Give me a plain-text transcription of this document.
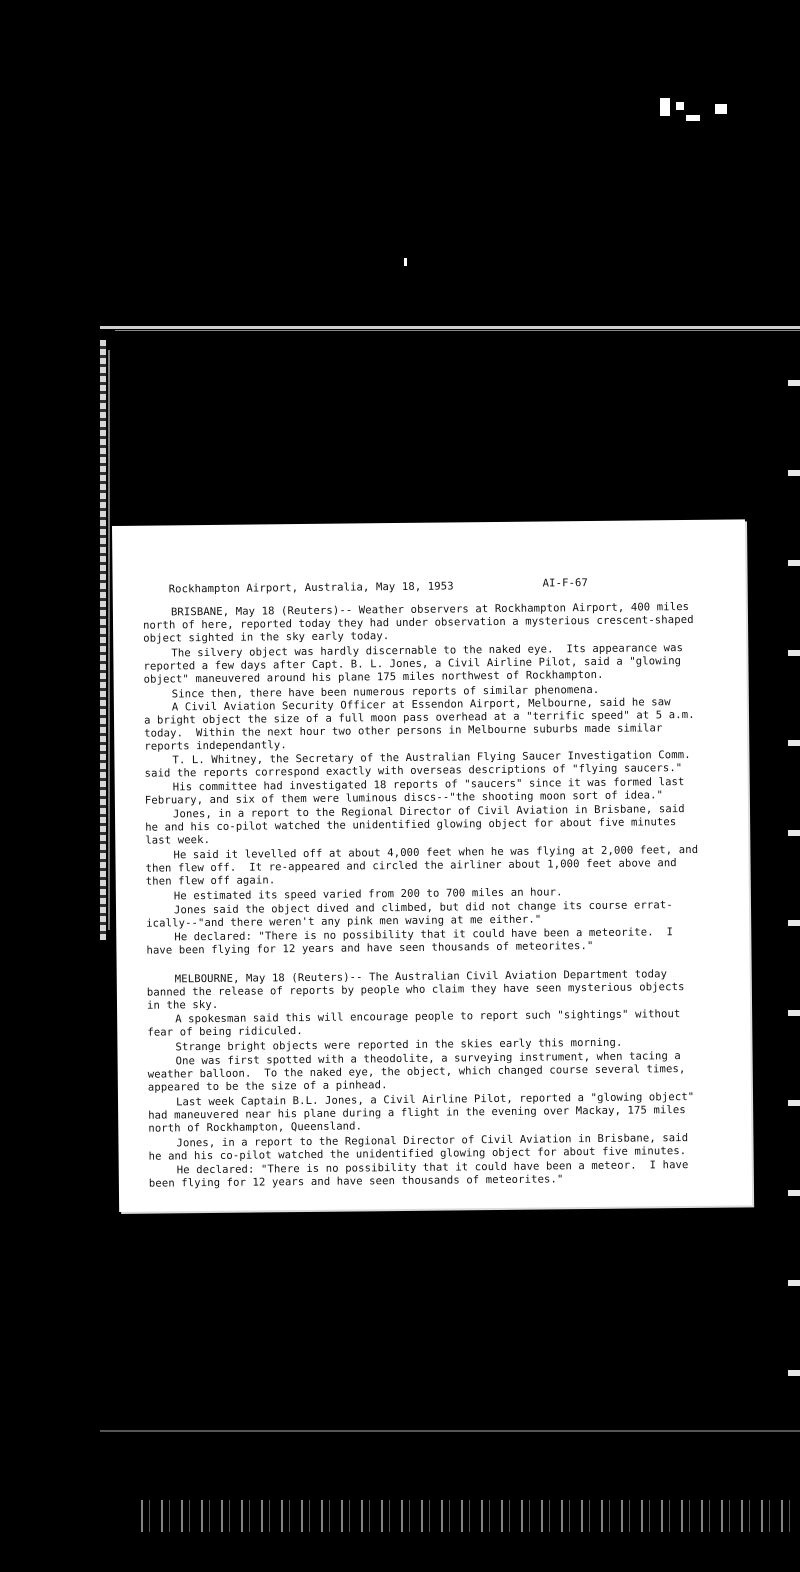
Rockhampton Airport, Australia, May 18, 1953	AI-F-67
BRISBANE, May 18 (Reuters)-- Weather observers at Rockhampton Airport, 400 miles
north of here, reported today they had under observation a mysterious crescent-shaped
object sighted in the sky early today.
The silvery object was hardly discernable to the naked eye.  Its appearance was
reported a few days after Capt. B. L. Jones, a Civil Airline Pilot, said a "glowing
object" maneuvered around his plane 175 miles northwest of Rockhampton.
Since then, there have been numerous reports of similar phenomena.
A Civil Aviation Security Officer at Essendon Airport, Melbourne, said he saw
a bright object the size of a full moon pass overhead at a "terrific speed" at 5 a.m.
today.  Within the next hour two other persons in Melbourne suburbs made similar
reports independantly.
T. L. Whitney, the Secretary of the Australian Flying Saucer Investigation Comm.
said the reports correspond exactly with overseas descriptions of "flying saucers."
His committee had investigated 18 reports of "saucers" since it was formed last
February, and six of them were luminous discs--"the shooting moon sort of idea."
Jones, in a report to the Regional Director of Civil Aviation in Brisbane, said
he and his co-pilot watched the unidentified glowing object for about five minutes
last week.
He said it levelled off at about 4,000 feet when he was flying at 2,000 feet, and
then flew off.  It re-appeared and circled the airliner about 1,000 feet above and
then flew off again.
He estimated its speed varied from 200 to 700 miles an hour.
Jones said the object dived and climbed, but did not change its course errat-
ically--"and there weren't any pink men waving at me either."
He declared: "There is no possibility that it could have been a meteorite.  I
have been flying for 12 years and have seen thousands of meteorites."
MELBOURNE, May 18 (Reuters)-- The Australian Civil Aviation Department today
banned the release of reports by people who claim they have seen mysterious objects
in the sky.
A spokesman said this will encourage people to report such "sightings" without
fear of being ridiculed.
Strange bright objects were reported in the skies early this morning.
One was first spotted with a theodolite, a surveying instrument, when tacing a
weather balloon.  To the naked eye, the object, which changed course several times,
appeared to be the size of a pinhead.
Last week Captain B.L. Jones, a Civil Airline Pilot, reported a "glowing object"
had maneuvered near his plane during a flight in the evening over Mackay, 175 miles
north of Rockhampton, Queensland.
Jones, in a report to the Regional Director of Civil Aviation in Brisbane, said
he and his co-pilot watched the unidentified glowing object for about five minutes.
He declared: "There is no possibility that it could have been a meteor.  I have
been flying for 12 years and have seen thousands of meteorites."
